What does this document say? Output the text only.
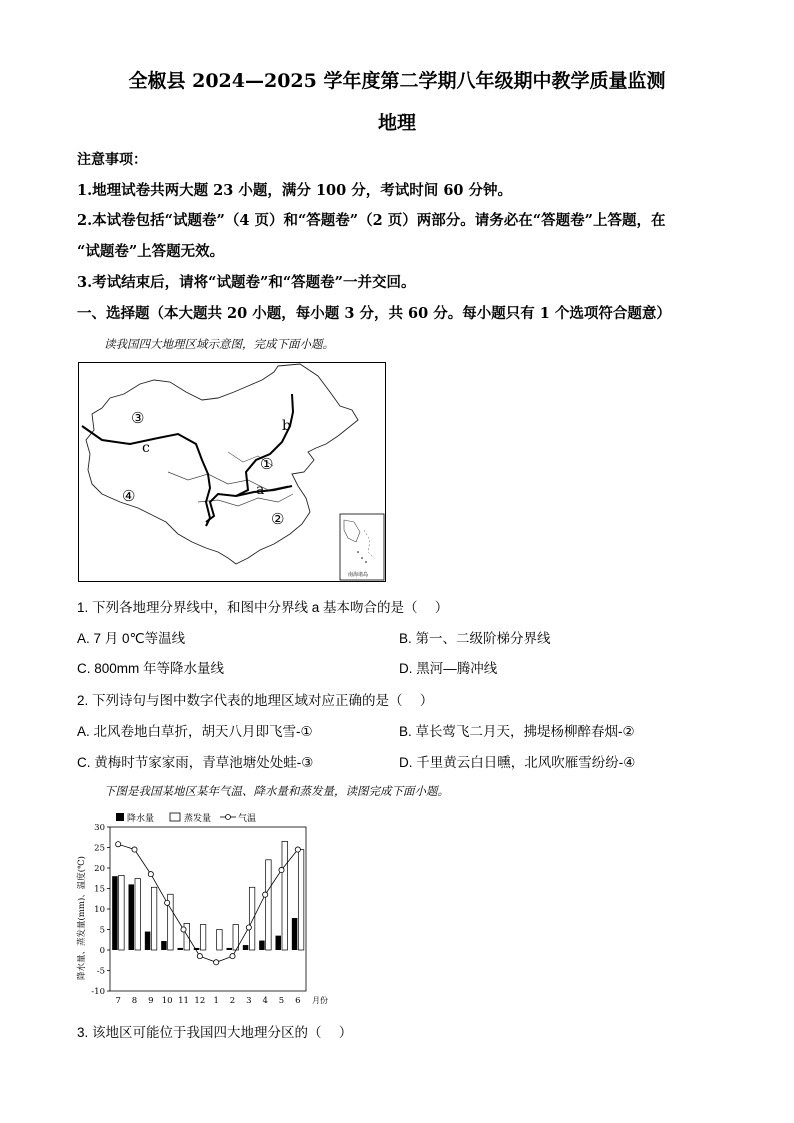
全椒县 2024—2025 学年度第二学期八年级期中教学质量监测
地理
注意事项：
1.地理试卷共两大题 23 小题，满分 100 分，考试时间 60 分钟。
2.本试卷包括“试题卷”（4 页）和“答题卷”（2 页）两部分。请务必在“答题卷”上答题，在
“试题卷”上答题无效。
3.考试结束后，请将“试题卷”和“答题卷”一并交回。
一、选择题（本大题共 20 小题，每小题 3 分，共 60 分。每小题只有 1 个选项符合题意）
读我国四大地理区域示意图，完成下面小题。
①
②
③
④	a
b
c
南海诸岛
1. 下列各地理分界线中，和图中分界线 a 基本吻合的是（　 ）
A. 7 月 0℃等温线	B. 第一、二级阶梯分界线
C. 800mm 年等降水量线	D. 黑河—腾冲线
2. 下列诗句与图中数字代表的地理区域对应正确的是（　 ）
A. 北风卷地白草折，胡天八月即飞雪-①	B. 草长莺飞二月天，拂堤杨柳醉春烟-②
C. 黄梅时节家家雨，青草池塘处处蛙-③	D. 千里黄云白日曛，北风吹雁雪纷纷-④
下图是我国某地区某年气温、降水量和蒸发量，读图完成下面小题。
降水量	蒸发量	气温
降水量、蒸发量(mm)、温度(℃)
-10
-5
0
5
10
15
20
25
30
7 8 9 10 11 12 1 2 3 4 5 6 月份
3. 该地区可能位于我国四大地理分区的（　 ）
